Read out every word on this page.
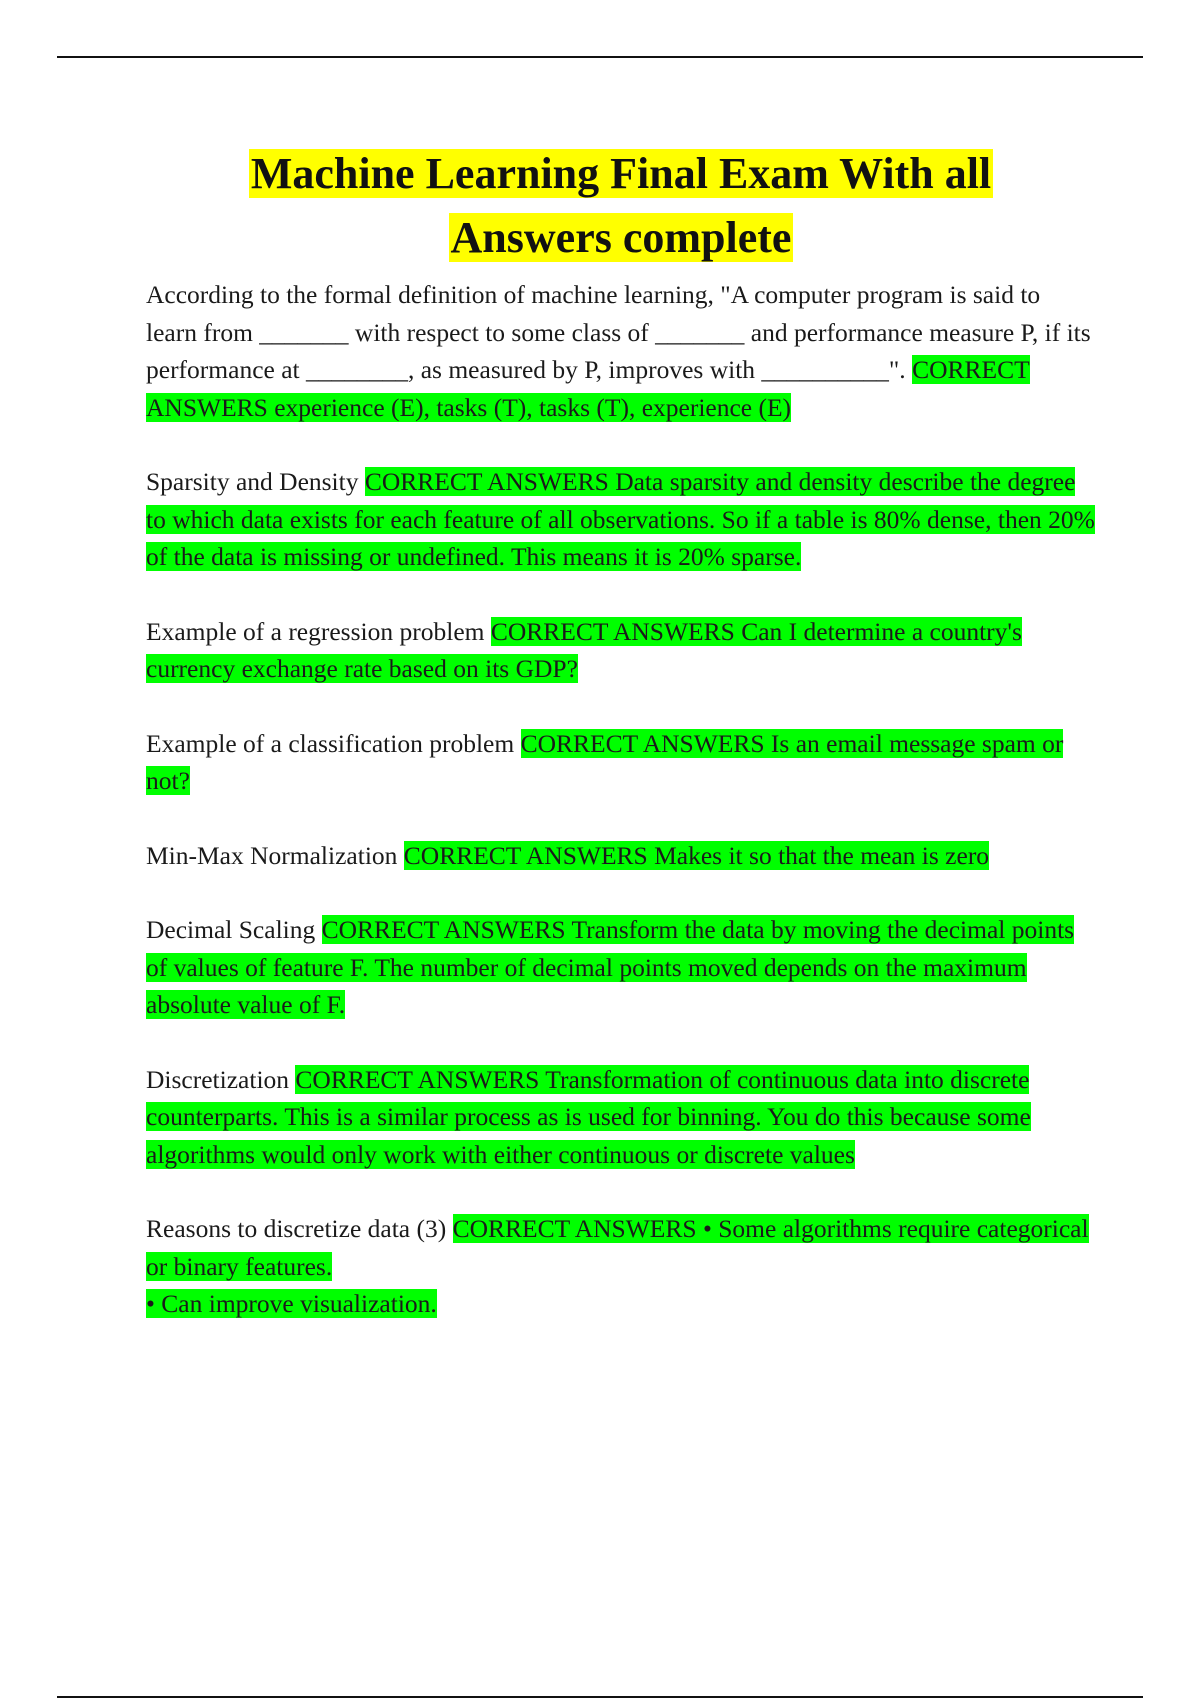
Machine Learning Final Exam With all
Answers complete

According to the formal definition of machine learning, "A computer program is said to learn from _______ with respect to some class of _______ and performance measure P, if its performance at ________, as measured by P, improves with __________". CORRECT ANSWERS experience (E), tasks (T), tasks (T), experience (E)

Sparsity and Density CORRECT ANSWERS Data sparsity and density describe the degree to which data exists for each feature of all observations. So if a table is 80% dense, then 20% of the data is missing or undefined. This means it is 20% sparse.

Example of a regression problem CORRECT ANSWERS Can I determine a country's currency exchange rate based on its GDP?

Example of a classification problem CORRECT ANSWERS Is an email message spam or not?

Min-Max Normalization CORRECT ANSWERS Makes it so that the mean is zero

Decimal Scaling CORRECT ANSWERS Transform the data by moving the decimal points of values of feature F. The number of decimal points moved depends on the maximum absolute value of F.

Discretization CORRECT ANSWERS Transformation of continuous data into discrete
counterparts. This is a similar process as is used for binning. You do this because some algorithms would only work with either continuous or discrete values

Reasons to discretize data (3) CORRECT ANSWERS • Some algorithms require categorical or binary features.
• Can improve visualization.
